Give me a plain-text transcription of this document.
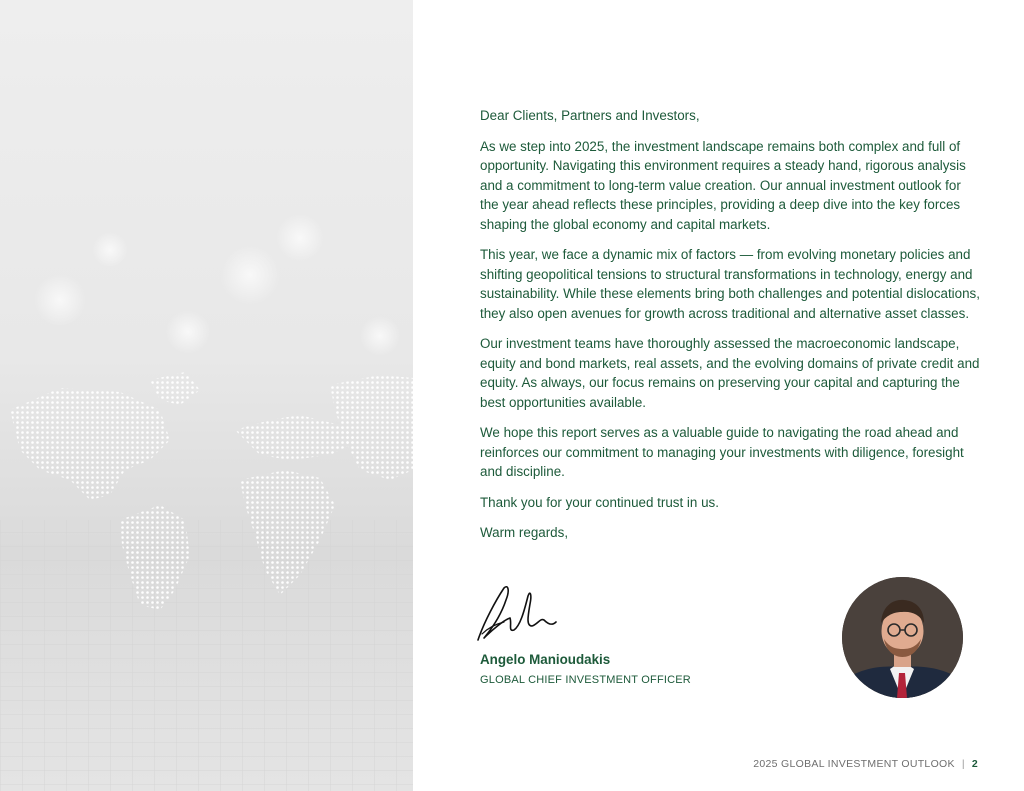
Dear Clients, Partners and Investors,

As we step into 2025, the investment landscape remains both complex and full of opportunity. Navigating this environment requires a steady hand, rigorous analysis and a commitment to long-term value creation. Our annual investment outlook for the year ahead reflects these principles, providing a deep dive into the key forces shaping the global economy and capital markets.

This year, we face a dynamic mix of factors — from evolving monetary policies and shifting geopolitical tensions to structural transformations in technology, energy and sustainability. While these elements bring both challenges and potential dislocations, they also open avenues for growth across traditional and alternative asset classes.

Our investment teams have thoroughly assessed the macroeconomic landscape, equity and bond markets, real assets, and the evolving domains of private credit and equity. As always, our focus remains on preserving your capital and capturing the best opportunities available.

We hope this report serves as a valuable guide to navigating the road ahead and reinforces our commitment to managing your investments with diligence, foresight and discipline.

Thank you for your continued trust in us.

Warm regards,

Angelo Manioudakis
GLOBAL CHIEF INVESTMENT OFFICER
2025 GLOBAL INVESTMENT OUTLOOK | 2
